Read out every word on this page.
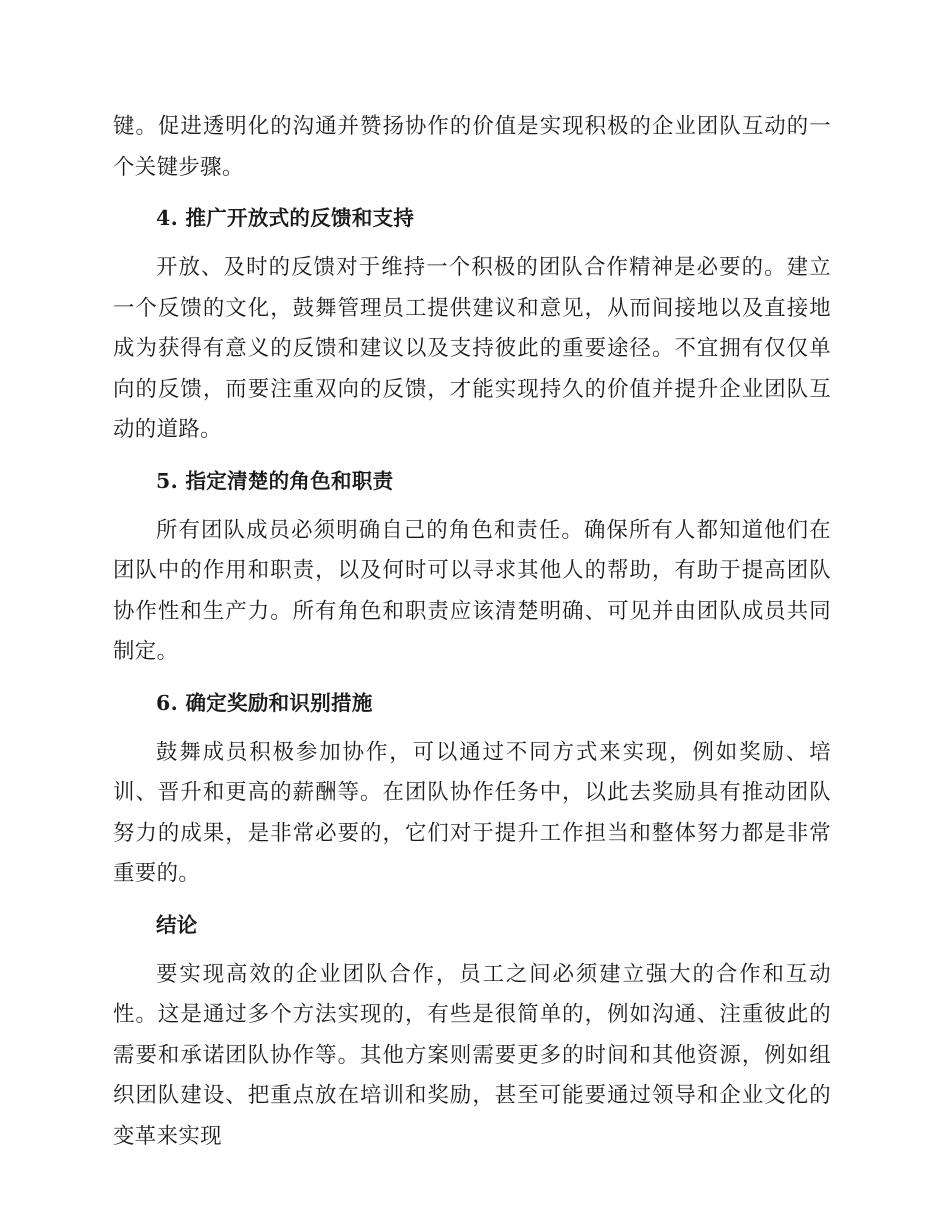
键。促进透明化的沟通并赞扬协作的价值是实现积极的企业团队互动的一个关键步骤。

4. 推广开放式的反馈和支持

开放、及时的反馈对于维持一个积极的团队合作精神是必要的。建立一个反馈的文化，鼓舞管理员工提供建议和意见，从而间接地以及直接地成为获得有意义的反馈和建议以及支持彼此的重要途径。不宜拥有仅仅单向的反馈，而要注重双向的反馈，才能实现持久的价值并提升企业团队互动的道路。

5. 指定清楚的角色和职责

所有团队成员必须明确自己的角色和责任。确保所有人都知道他们在团队中的作用和职责，以及何时可以寻求其他人的帮助，有助于提高团队协作性和生产力。所有角色和职责应该清楚明确、可见并由团队成员共同制定。

6. 确定奖励和识别措施

鼓舞成员积极参加协作，可以通过不同方式来实现，例如奖励、培训、晋升和更高的薪酬等。在团队协作任务中，以此去奖励具有推动团队努力的成果，是非常必要的，它们对于提升工作担当和整体努力都是非常重要的。

结论

要实现高效的企业团队合作，员工之间必须建立强大的合作和互动性。这是通过多个方法实现的，有些是很简单的，例如沟通、注重彼此的需要和承诺团队协作等。其他方案则需要更多的时间和其他资源，例如组织团队建设、把重点放在培训和奖励，甚至可能要通过领导和企业文化的变革来实现
